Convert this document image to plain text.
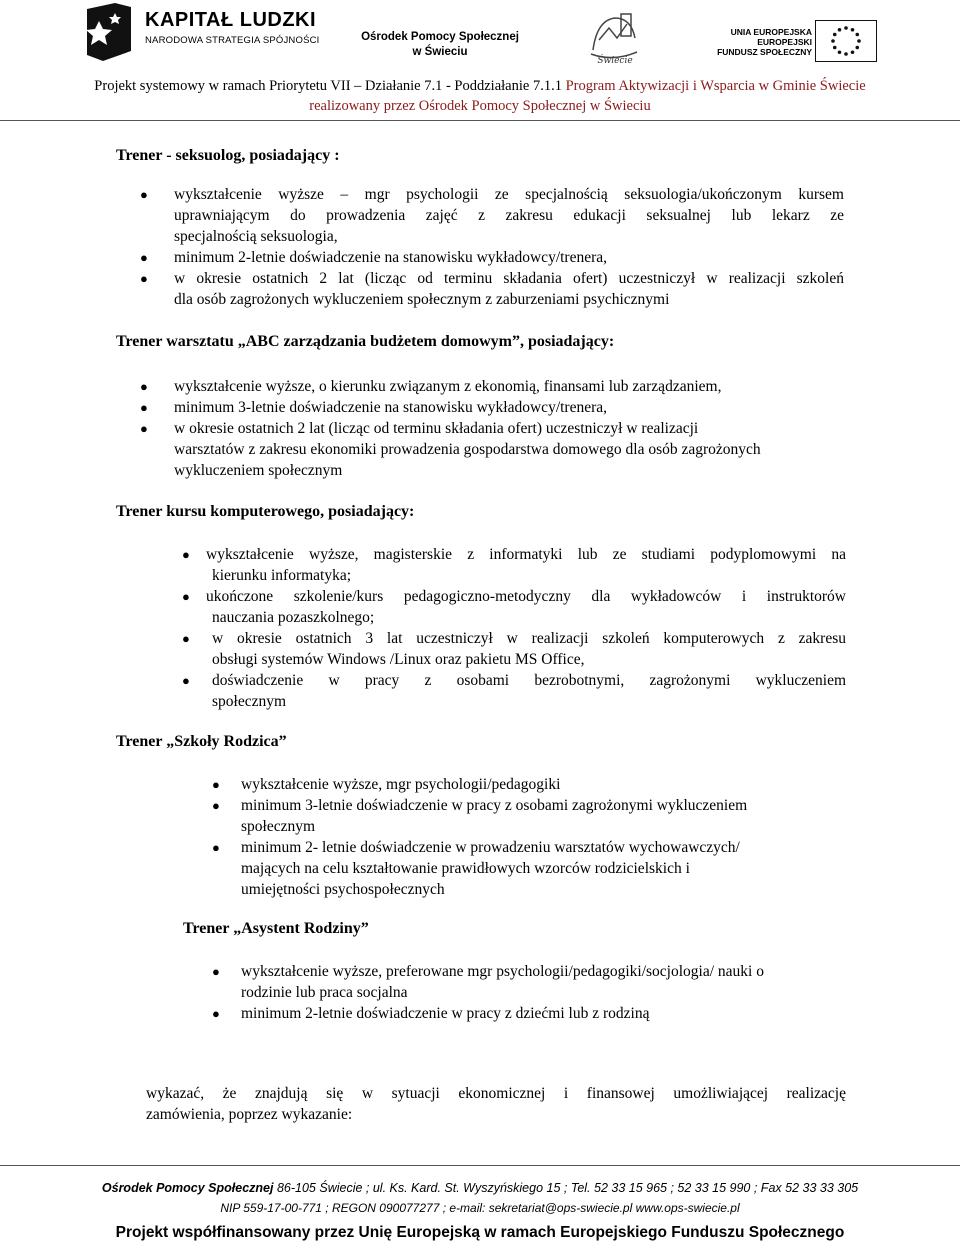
KAPITAŁ LUDZKI
NARODOWA STRATEGIA SPÓJNOŚCI	Ośrodek Pomocy Społecznej
w Świeciu
Świecie
UNIA EUROPEJSKA
EUROPEJSKI
FUNDUSZ SPOŁECZNY
Projekt systemowy w ramach Priorytetu VII – Działanie 7.1 - Poddziałanie 7.1.1 Program Aktywizacji i Wsparcia w Gminie Świecie
realizowany przez Ośrodek Pomocy Społecznej w Świeciu
Trener - seksuolog, posiadający :
● wykształcenie wyższe – mgr psychologii ze specjalnością seksuologia/ukończonym kursem
uprawniającym do prowadzenia zajęć z zakresu edukacji seksualnej lub lekarz ze
specjalnością seksuologia,
● minimum 2-letnie doświadczenie na stanowisku wykładowcy/trenera,
● w okresie ostatnich 2 lat (licząc od terminu składania ofert) uczestniczył w realizacji szkoleń
dla osób zagrożonych wykluczeniem społecznym z zaburzeniami psychicznymi
Trener warsztatu „ABC zarządzania budżetem domowym”, posiadający:
● wykształcenie wyższe, o kierunku związanym z ekonomią, finansami lub zarządzaniem,
● minimum 3-letnie doświadczenie na stanowisku wykładowcy/trenera,
● w okresie ostatnich 2 lat (licząc od terminu składania ofert) uczestniczył w realizacji
warsztatów z zakresu ekonomiki prowadzenia gospodarstwa domowego dla osób zagrożonych
wykluczeniem społecznym
Trener kursu komputerowego, posiadający:
● wykształcenie wyższe, magisterskie z informatyki lub ze studiami podyplomowymi na
kierunku informatyka;
● ukończone szkolenie/kurs pedagogiczno-metodyczny dla wykładowców i instruktorów
nauczania pozaszkolnego;
●	w okresie ostatnich 3 lat uczestniczył w realizacji szkoleń komputerowych z zakresu
obsługi systemów Windows /Linux oraz pakietu MS Office,
●	doświadczenie w pracy z osobami bezrobotnymi, zagrożonymi wykluczeniem
społecznym
Trener „Szkoły Rodzica”
● wykształcenie wyższe, mgr psychologii/pedagogiki
● minimum 3-letnie doświadczenie w pracy z osobami zagrożonymi wykluczeniem
społecznym
● minimum 2- letnie doświadczenie w prowadzeniu warsztatów wychowawczych/
mających na celu kształtowanie prawidłowych wzorców rodzicielskich i
umiejętności psychospołecznych
Trener „Asystent Rodziny”
● wykształcenie wyższe, preferowane mgr psychologii/pedagogiki/socjologia/ nauki o
rodzinie lub praca socjalna
● minimum 2-letnie doświadczenie w pracy z dziećmi lub z rodziną
wykazać, że znajdują się w sytuacji ekonomicznej i finansowej umożliwiającej realizację
zamówienia, poprzez wykazanie:
Ośrodek Pomocy Społecznej 86-105 Świecie ; ul. Ks. Kard. St. Wyszyńskiego 15 ; Tel. 52 33 15 965 ; 52 33 15 990 ; Fax 52 33 33 305
NIP 559-17-00-771 ; REGON 090077277 ; e-mail: sekretariat@ops-swiecie.pl www.ops-swiecie.pl
Projekt współfinansowany przez Unię Europejską w ramach Europejskiego Funduszu Społecznego
